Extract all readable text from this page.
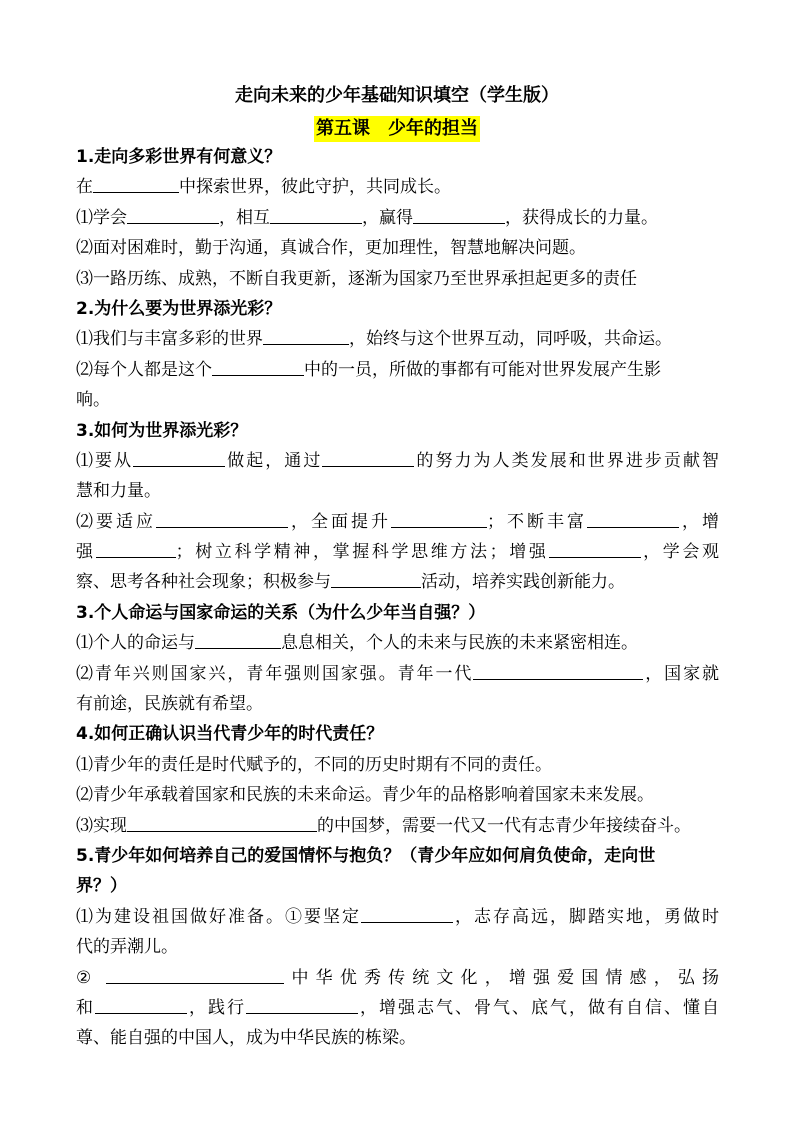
走向未来的少年基础知识填空（学生版）
第五课　少年的担当
1.走向多彩世界有何意义？
在	中探索世界，彼此守护，共同成长。
⑴学会	，相互	，赢得	，获得成长的力量。
⑵面对困难时，勤于沟通，真诚合作，更加理性，智慧地解决问题。
⑶一路历练、成熟，不断自我更新，逐渐为国家乃至世界承担起更多的责任
2.为什么要为世界添光彩？
⑴我们与丰富多彩的世界	，始终与这个世界互动，同呼吸，共命运。
⑵每个人都是这个	中的一员，所做的事都有可能对世界发展产生影
响。
3.如何为世界添光彩？
⑴要从	做起，通过	的努力为人类发展和世界进步贡献智
慧和力量。
⑵要适应	，全面提升	；不断丰富	，增
强	；树立科学精神，掌握科学思维方法；增强	，学会观
察、思考各种社会现象；积极参与	活动，培养实践创新能力。
3.个人命运与国家命运的关系（为什么少年当自强？）
⑴个人的命运与	息息相关，个人的未来与民族的未来紧密相连。
⑵青年兴则国家兴，青年强则国家强。青年一代	，国家就
有前途，民族就有希望。
4.如何正确认识当代青少年的时代责任？
⑴青少年的责任是时代赋予的，不同的历史时期有不同的责任。
⑵青少年承载着国家和民族的未来命运。青少年的品格影响着国家未来发展。
⑶实现	的中国梦，需要一代又一代有志青少年接续奋斗。
5.青少年如何培养自己的爱国情怀与抱负？（青少年应如何肩负使命，走向世
界？）
⑴为建设祖国做好准备。①要坚定	，志存高远，脚踏实地，勇做时
代的弄潮儿。
②	中华优秀传统文化，增强爱国情感，弘扬
和	，践行	，增强志气、骨气、底气，做有自信、懂自
尊、能自强的中国人，成为中华民族的栋梁。
